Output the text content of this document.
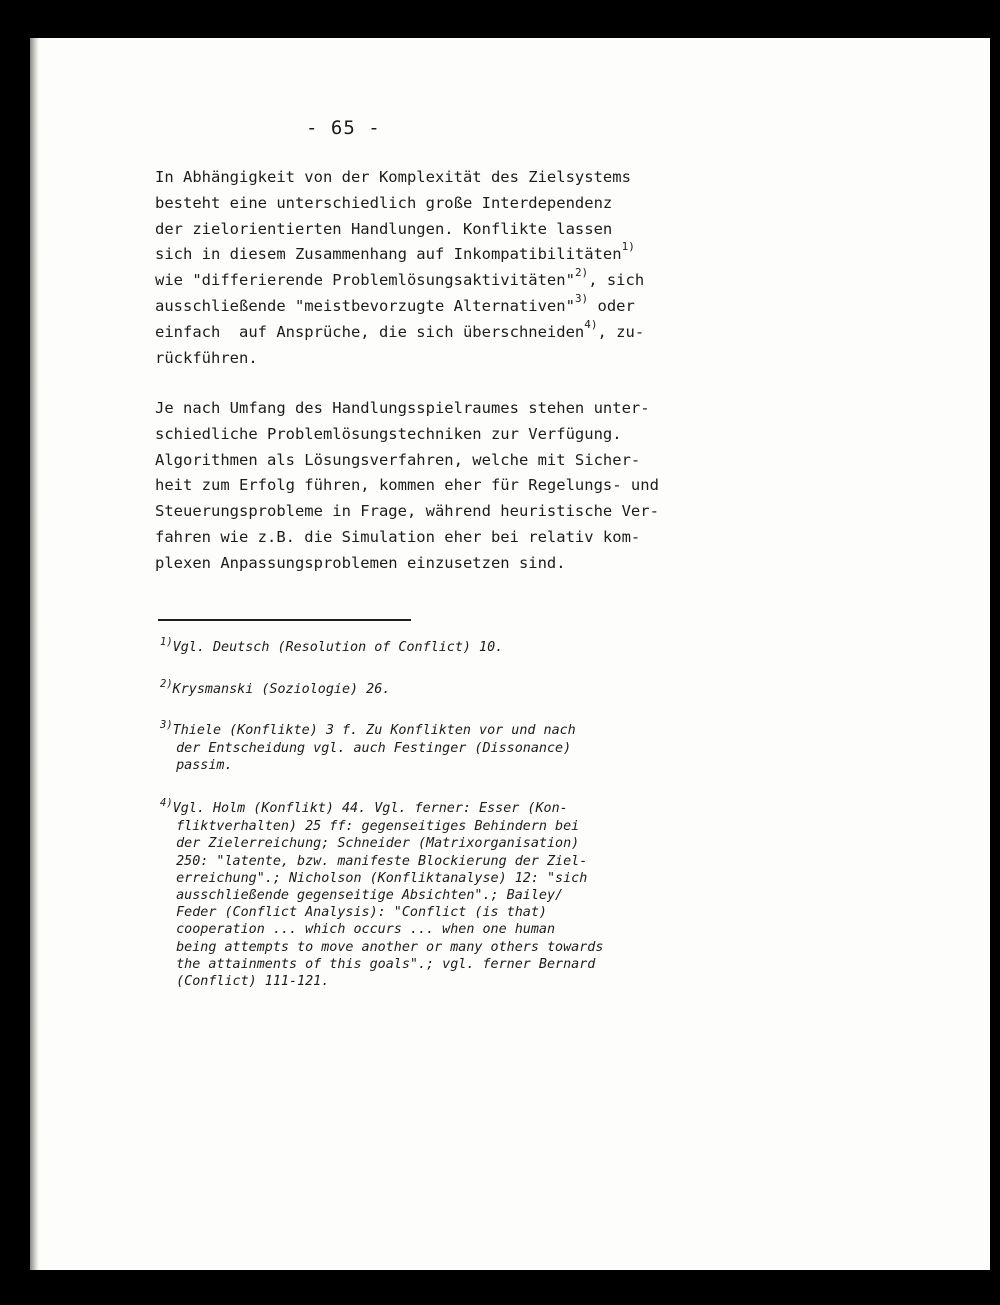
- 65 -
In Abhängigkeit von der Komplexität des Zielsystems
besteht eine unterschiedlich große Interdependenz
der zielorientierten Handlungen. Konflikte lassen
sich in diesem Zusammenhang auf Inkompatibilitäten$^{1)}$
wie "differierende Problemlösungsaktivitäten"$^{2)}$, sich
ausschließende "meistbevorzugte Alternativen"$^{3)}$ oder
einfach  auf Ansprüche, die sich überschneiden$^{4)}$, zu-
rückführen.
Je nach Umfang des Handlungsspielraumes stehen unter-
schiedliche Problemlösungstechniken zur Verfügung.
Algorithmen als Lösungsverfahren, welche mit Sicher-
heit zum Erfolg führen, kommen eher für Regelungs- und
Steuerungsprobleme in Frage, während heuristische Ver-
fahren wie z.B. die Simulation eher bei relativ kom-
plexen Anpassungsproblemen einzusetzen sind.
$^{1)}$Vgl. Deutsch (Resolution of Conflict) 10.
$^{2)}$Krysmanski (Soziologie) 26.
$^{3)}$Thiele (Konflikte) 3 f. Zu Konflikten vor und nach
der Entscheidung vgl. auch Festinger (Dissonance)
passim.
$^{4)}$Vgl. Holm (Konflikt) 44. Vgl. ferner: Esser (Kon-
fliktverhalten) 25 ff: gegenseitiges Behindern bei
der Zielerreichung; Schneider (Matrixorganisation)
250: "latente, bzw. manifeste Blockierung der Ziel-
erreichung".; Nicholson (Konfliktanalyse) 12: "sich
ausschließende gegenseitige Absichten".; Bailey/
Feder (Conflict Analysis): "Conflict (is that)
cooperation ... which occurs ... when one human
being attempts to move another or many others towards
the attainments of this goals".; vgl. ferner Bernard
(Conflict) 111-121.
